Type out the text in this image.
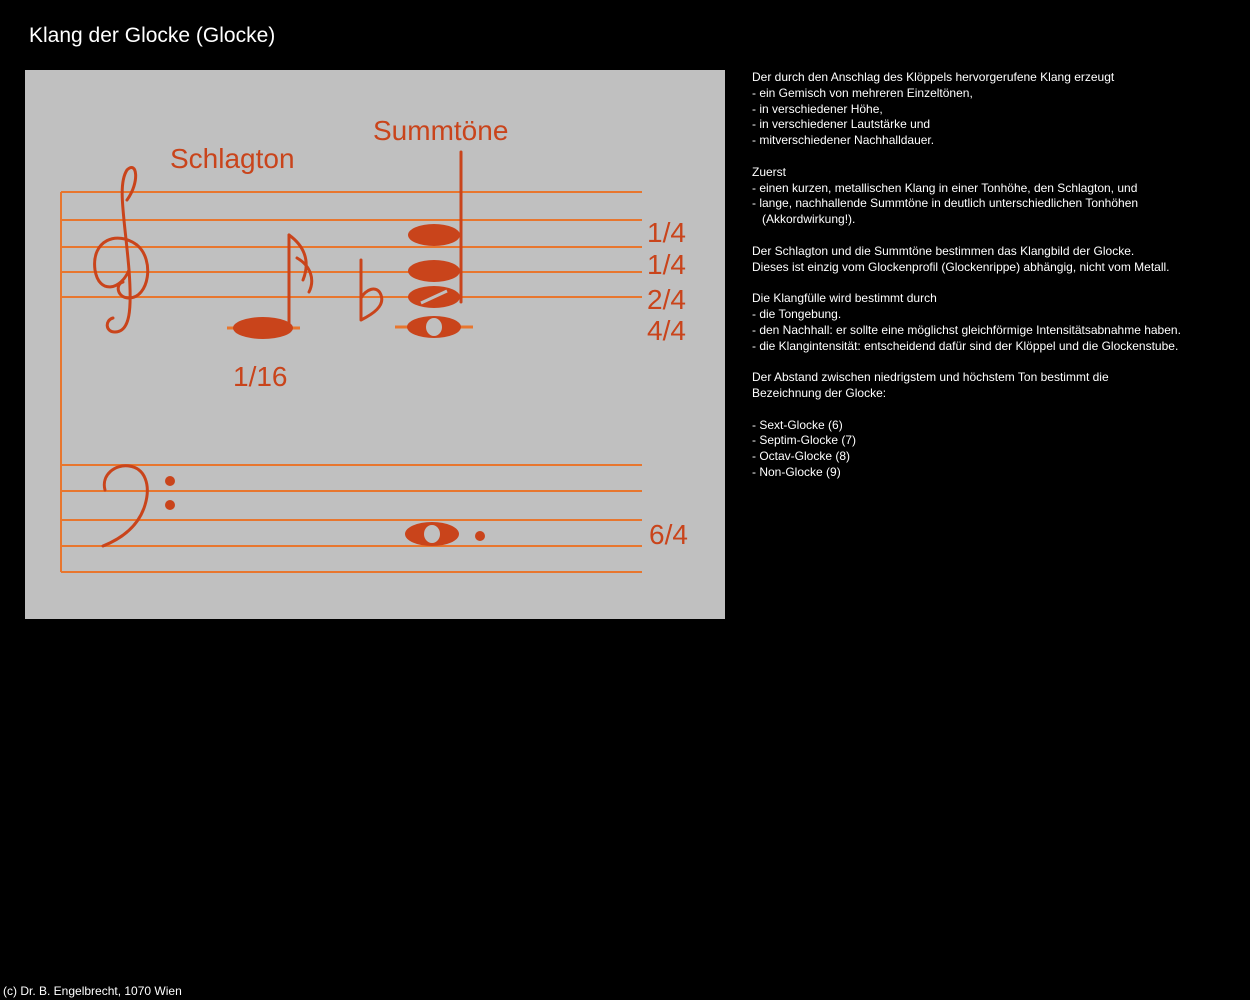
Klang der Glocke (Glocke)
Schlagton
Summtöne
1/16
1/4
1/4
2/4
4/4
6/4

Der durch den Anschlag des Klöppels hervorgerufene Klang erzeugt
- ein Gemisch von mehreren Einzeltönen,
- in verschiedener Höhe,
- in verschiedener Lautstärke und
- mitverschiedener Nachhalldauer.

Zuerst
- einen kurzen, metallischen Klang in einer Tonhöhe, den Schlagton, und
- lange, nachhallende Summtöne in deutlich unterschiedlichen Tonhöhen
(Akkordwirkung!).

Der Schlagton und die Summtöne bestimmen das Klangbild der Glocke.
Dieses ist einzig vom Glockenprofil (Glockenrippe) abhängig, nicht vom Metall.

Die Klangfülle wird bestimmt durch
- die Tongebung.
- den Nachhall: er sollte eine möglichst gleichförmige Intensitätsabnahme haben.
- die Klangintensität: entscheidend dafür sind der Klöppel und die Glockenstube.

Der Abstand zwischen niedrigstem und höchstem Ton bestimmt die
Bezeichnung der Glocke:

- Sext-Glocke (6)
- Septim-Glocke (7)
- Octav-Glocke (8)
- Non-Glocke (9)

(c) Dr. B. Engelbrecht, 1070 Wien
